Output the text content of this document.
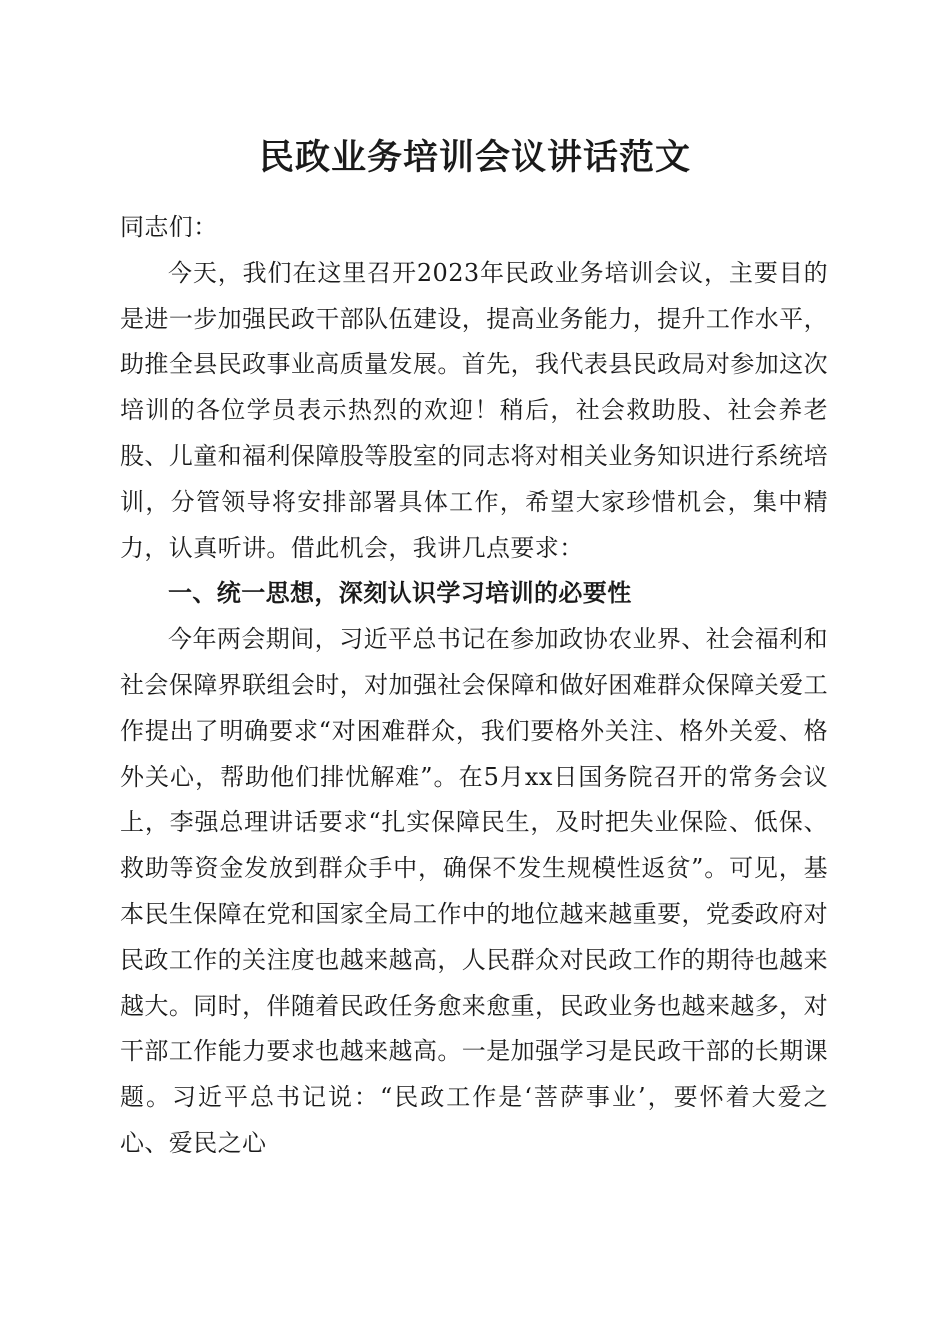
民政业务培训会议讲话范文

同志们：

今天，我们在这里召开2023年民政业务培训会议，主要目的是进一步加强民政干部队伍建设，提高业务能力，提升工作水平，助推全县民政事业高质量发展。首先，我代表县民政局对参加这次培训的各位学员表示热烈的欢迎！稍后，社会救助股、社会养老股、儿童和福利保障股等股室的同志将对相关业务知识进行系统培训，分管领导将安排部署具体工作，希望大家珍惜机会，集中精力，认真听讲。借此机会，我讲几点要求：

一、统一思想，深刻认识学习培训的必要性

今年两会期间，习近平总书记在参加政协农业界、社会福利和社会保障界联组会时，对加强社会保障和做好困难群众保障关爱工作提出了明确要求“对困难群众，我们要格外关注、格外关爱、格外关心，帮助他们排忧解难”。在5月xx日国务院召开的常务会议上，李强总理讲话要求“扎实保障民生，及时把失业保险、低保、救助等资金发放到群众手中，确保不发生规模性返贫”。可见，基本民生保障在党和国家全局工作中的地位越来越重要，党委政府对民政工作的关注度也越来越高，人民群众对民政工作的期待也越来越大。同时，伴随着民政任务愈来愈重，民政业务也越来越多，对干部工作能力要求也越来越高。一是加强学习是民政干部的长期课题。习近平总书记说：“民政工作是‘菩萨事业’，要怀着大爱之心、爱民之心
